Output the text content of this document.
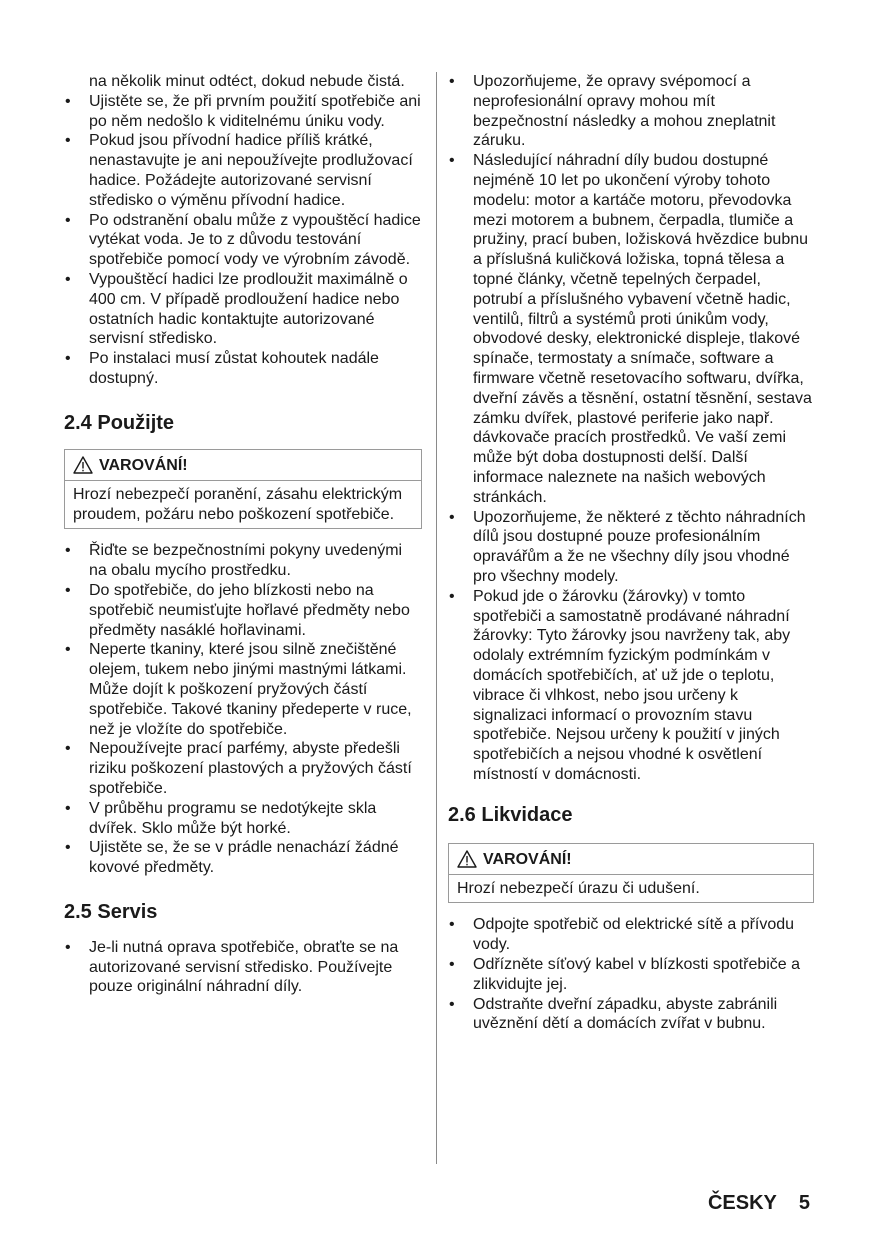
na několik minut odtéct, dokud nebude čistá.
• Ujistěte se, že při prvním použití spotřebiče ani po něm nedošlo k viditelnému úniku vody.
• Pokud jsou přívodní hadice příliš krátké, nenastavujte je ani nepoužívejte prodlužovací hadice. Požádejte autorizované servisní středisko o výměnu přívodní hadice.
• Po odstranění obalu může z vypouštěcí hadice vytékat voda. Je to z důvodu testování spotřebiče pomocí vody ve výrobním závodě.
• Vypouštěcí hadici lze prodloužit maximálně o 400 cm. V případě prodloužení hadice nebo ostatních hadic kontaktujte autorizované servisní středisko.
• Po instalaci musí zůstat kohoutek nadále dostupný.
2.4 Použijte
VAROVÁNÍ!
Hrozí nebezpečí poranění, zásahu elektrickým proudem, požáru nebo poškození spotřebiče.
• Řiďte se bezpečnostními pokyny uvedenými na obalu mycího prostředku.
• Do spotřebiče, do jeho blízkosti nebo na spotřebič neumisťujte hořlavé předměty nebo předměty nasáklé hořlavinami.
• Neperte tkaniny, které jsou silně znečištěné olejem, tukem nebo jinými mastnými látkami. Může dojít k poškození pryžových částí spotřebiče. Takové tkaniny předeperte v ruce, než je vložíte do spotřebiče.
• Nepoužívejte prací parfémy, abyste předešli riziku poškození plastových a pryžových částí spotřebiče.
• V průběhu programu se nedotýkejte skla dvířek. Sklo může být horké.
• Ujistěte se, že se v prádle nenachází žádné kovové předměty.
2.5 Servis
• Je-li nutná oprava spotřebiče, obraťte se na autorizované servisní středisko. Používejte pouze originální náhradní díly.
• Upozorňujeme, že opravy svépomocí a neprofesionální opravy mohou mít bezpečnostní následky a mohou zneplatnit záruku.
• Následující náhradní díly budou dostupné nejméně 10 let po ukončení výroby tohoto modelu: motor a kartáče motoru, převodovka mezi motorem a bubnem, čerpadla, tlumiče a pružiny, prací buben, ložisková hvězdice bubnu a příslušná kuličková ložiska, topná tělesa a topné články, včetně tepelných čerpadel, potrubí a příslušného vybavení včetně hadic, ventilů, filtrů a systémů proti únikům vody, obvodové desky, elektronické displeje, tlakové spínače, termostaty a snímače, software a firmware včetně resetovacího softwaru, dvířka, dveřní závěs a těsnění, ostatní těsnění, sestava zámku dvířek, plastové periferie jako např. dávkovače pracích prostředků. Ve vaší zemi může být doba dostupnosti delší. Další informace naleznete na našich webových stránkách.
• Upozorňujeme, že některé z těchto náhradních dílů jsou dostupné pouze profesionálním opravářům a že ne všechny díly jsou vhodné pro všechny modely.
• Pokud jde o žárovku (žárovky) v tomto spotřebiči a samostatně prodávané náhradní žárovky: Tyto žárovky jsou navrženy tak, aby odolaly extrémním fyzickým podmínkám v domácích spotřebičích, ať už jde o teplotu, vibrace či vlhkost, nebo jsou určeny k signalizaci informací o provozním stavu spotřebiče. Nejsou určeny k použití v jiných spotřebičích a nejsou vhodné k osvětlení místností v domácnosti.
2.6 Likvidace
VAROVÁNÍ!
Hrozí nebezpečí úrazu či udušení.
• Odpojte spotřebič od elektrické sítě a přívodu vody.
• Odřízněte síťový kabel v blízkosti spotřebiče a zlikvidujte jej.
• Odstraňte dveřní západku, abyste zabránili uvěznění dětí a domácích zvířat v bubnu.
ČESKY 5
